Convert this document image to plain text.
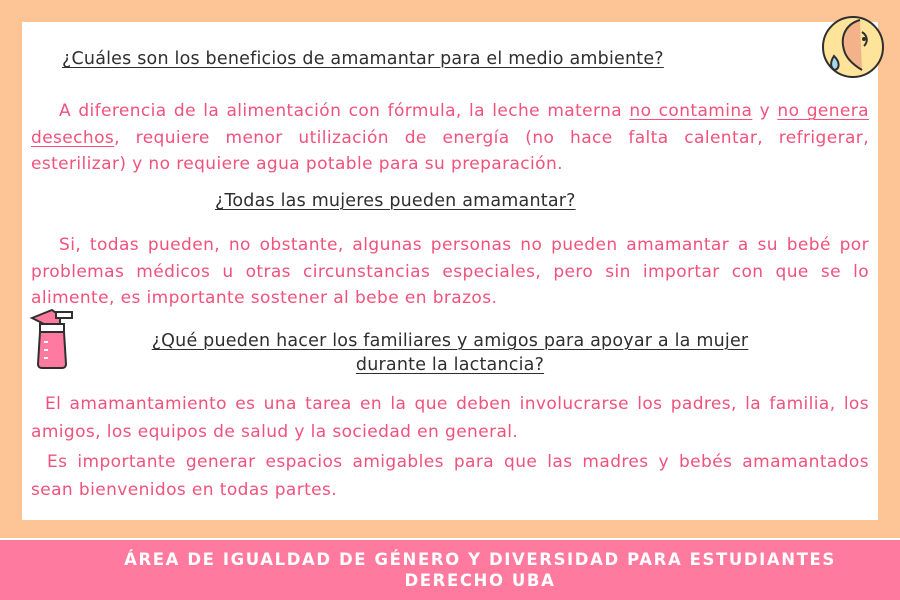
¿Cuáles son los beneficios de amamantar para el medio ambiente?

A diferencia de la alimentación con fórmula, la leche materna no contamina y no genera desechos, requiere menor utilización de energía (no hace falta calentar, refrigerar, esterilizar) y no requiere agua potable para su preparación.

¿Todas las mujeres pueden amamantar?

Si, todas pueden, no obstante, algunas personas no pueden amamantar a su bebé por problemas médicos u otras circunstancias especiales, pero sin importar con que se lo alimente, es importante sostener al bebe en brazos.

¿Qué pueden hacer los familiares y amigos para apoyar a la mujer
durante la lactancia?

El amamantamiento es una tarea en la que deben involucrarse los padres, la familia, los amigos, los equipos de salud y la sociedad en general.

Es importante generar espacios amigables para que las madres y bebés amamantados sean bienvenidos en todas partes.

ÁREA DE IGUALDAD DE GÉNERO Y DIVERSIDAD PARA ESTUDIANTES
DERECHO UBA
